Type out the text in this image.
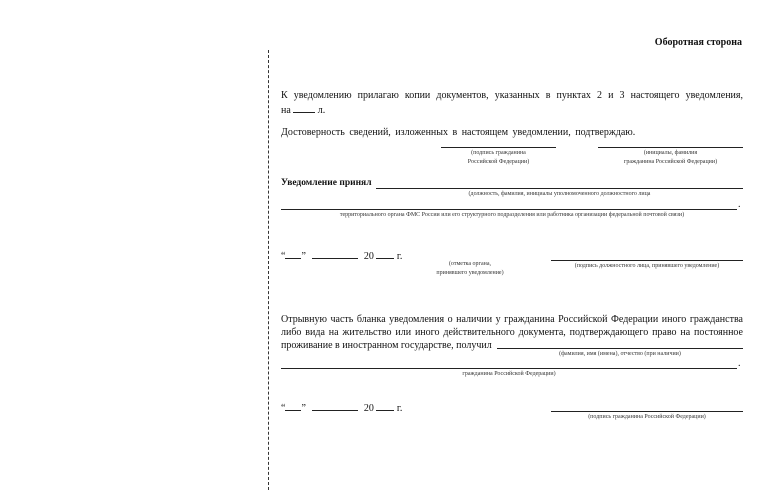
Оборотная сторона
К уведомлению прилагаю копии документов, указанных в пунктах 2 и 3 настоящего уведомления,
на	л.
Достоверность сведений, изложенных в настоящем уведомлении, подтверждаю.
(подпись гражданина
Российской Федерации)
(инициалы, фамилия
гражданина Российской Федерации)
Уведомление принял
(должность, фамилия, инициалы уполномоченного должностного лица
.
территориального органа ФМС России или его структурного подразделения или работника организации федеральной почтовой связи)
“ ”	20 г.
(отметка органа,
принявшего уведомление)
(подпись должностного лица, принявшего уведомление)
Отрывную часть бланка уведомления о наличии у гражданина Российской Федерации иного гражданства
либо вида на жительство или иного действительного документа, подтверждающего право на постоянное
проживание в иностранном государстве, получил
(фамилия, имя (имена), отчество (при наличии)
.
гражданина Российской Федерации)
“ ”	20 г.
(подпись гражданина Российской Федерации)
